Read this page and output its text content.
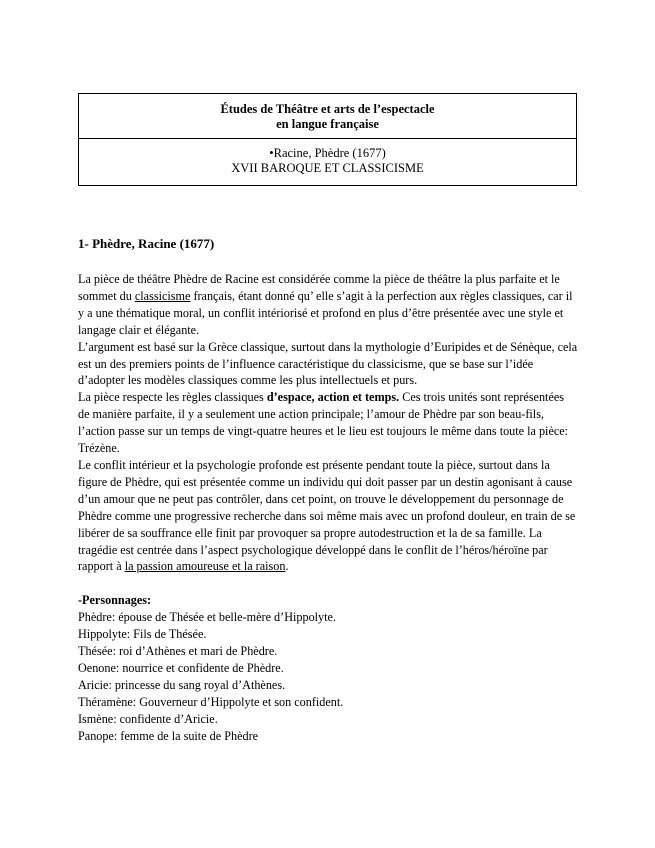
Études de Théâtre et arts de l’espectacle
en langue française
•Racine, Phèdre (1677)
XVII BAROQUE ET CLASSICISME
1- Phèdre, Racine (1677)

La pièce de théâtre Phèdre de Racine est considérée comme la pièce de théâtre la plus parfaite et le sommet du classicisme français, étant donné qu’ elle s’agit à la perfection aux règles classiques, car il y a une thématique moral, un conflit intériorisé et profond en plus d’être présentée avec une style et langage clair et élégante.

L’argument est basé sur la Grèce classique, surtout dans la mythologie d’Euripides et de Sénèque, cela est un des premiers points de l’influence caractéristique du classicisme, que se base sur l’idée d’adopter les modèles classiques comme les plus intellectuels et purs.

La pièce respecte les règles classiques d’espace, action et temps. Ces trois unités sont représentées de manière parfaite, il y a seulement une action principale; l’amour de Phèdre par son beau-fils, l’action passe sur un temps de vingt-quatre heures et le lieu est toujours le même dans toute la pièce: Trézène.

Le conflit intérieur et la psychologie profonde est présente pendant toute la pièce, surtout dans la figure de Phèdre, qui est présentée comme un individu qui doit passer par un destin agonisant à cause d’un amour que ne peut pas contrôler, dans cet point, on trouve le développement du personnage de Phèdre comme une progressive recherche dans soi même mais avec un profond douleur, en train de se libérer de sa souffrance elle finit par provoquer sa propre autodestruction et la de sa famille. La tragédie est centrée dans l’aspect psychologique développé dans le conflit de l’héros/héroïne par rapport à la passion amoureuse et la raison.

-Personnages:

Phèdre: épouse de Thésée et belle-mère d’Hippolyte.

Hippolyte: Fils de Thésée.

Thésée: roi d’Athènes et mari de Phèdre.

Oenone: nourrice et confidente de Phèdre.

Aricie: princesse du sang royal d’Athènes.

Théramène: Gouverneur d’Hippolyte et son confident.

Ismène: confidente d’Aricie.

Panope: femme de la suite de Phèdre
